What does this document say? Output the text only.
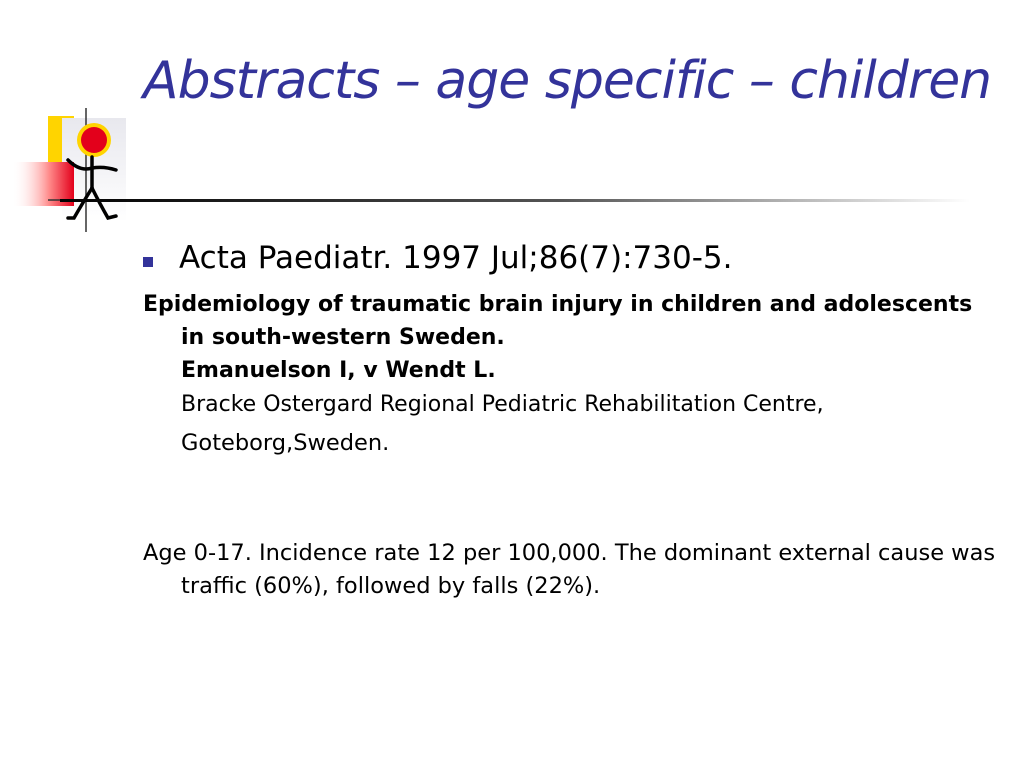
Abstracts – age specific – children
Acta Paediatr. 1997 Jul;86(7):730-5.

Epidemiology of traumatic brain injury in children and adolescents in south-western Sweden.

Emanuelson I, v Wendt L.

Bracke Ostergard Regional Pediatric Rehabilitation Centre,

Goteborg,Sweden.

Age 0-17. Incidence rate 12 per 100,000. The dominant external cause was traffic (60%), followed by falls (22%).
